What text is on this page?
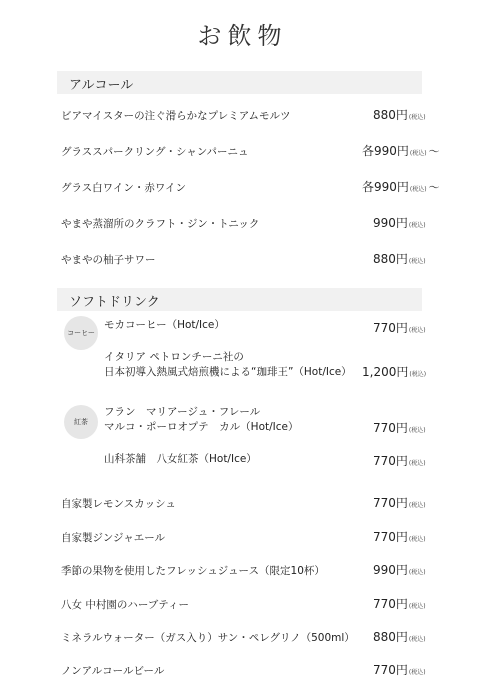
お飲物
アルコール
ビアマイスターの注ぐ滑らかなプレミアムモルツ	880円(税込)
グラススパークリング・シャンパーニュ	各990円(税込) ～
グラス白ワイン・赤ワイン	各990円(税込) ～
やまや蒸溜所のクラフト・ジン・トニック	990円(税込)
やまやの柚子サワー	880円(税込)
ソフトドリンク
コーヒー
モカコーヒー（Hot/Ice）	770円(税込)
イタリア ペトロンチーニ社の
日本初導入熱風式焙煎機による“珈琲王”（Hot/Ice） 1,200円(税込)
紅茶
フラン　マリアージュ・フレール
マルコ・ポーロオプテ　カル（Hot/Ice）	770円(税込)
山科茶舗　八女紅茶（Hot/Ice）	770円(税込)
自家製レモンスカッシュ	770円(税込)
自家製ジンジャエール	770円(税込)
季節の果物を使用したフレッシュジュース（限定10杯）	990円(税込)
八女 中村園のハーブティー	770円(税込)
ミネラルウォーター（ガス入り）サン・ペレグリノ（500ml） 880円(税込)
ノンアルコールビール	770円(税込)
